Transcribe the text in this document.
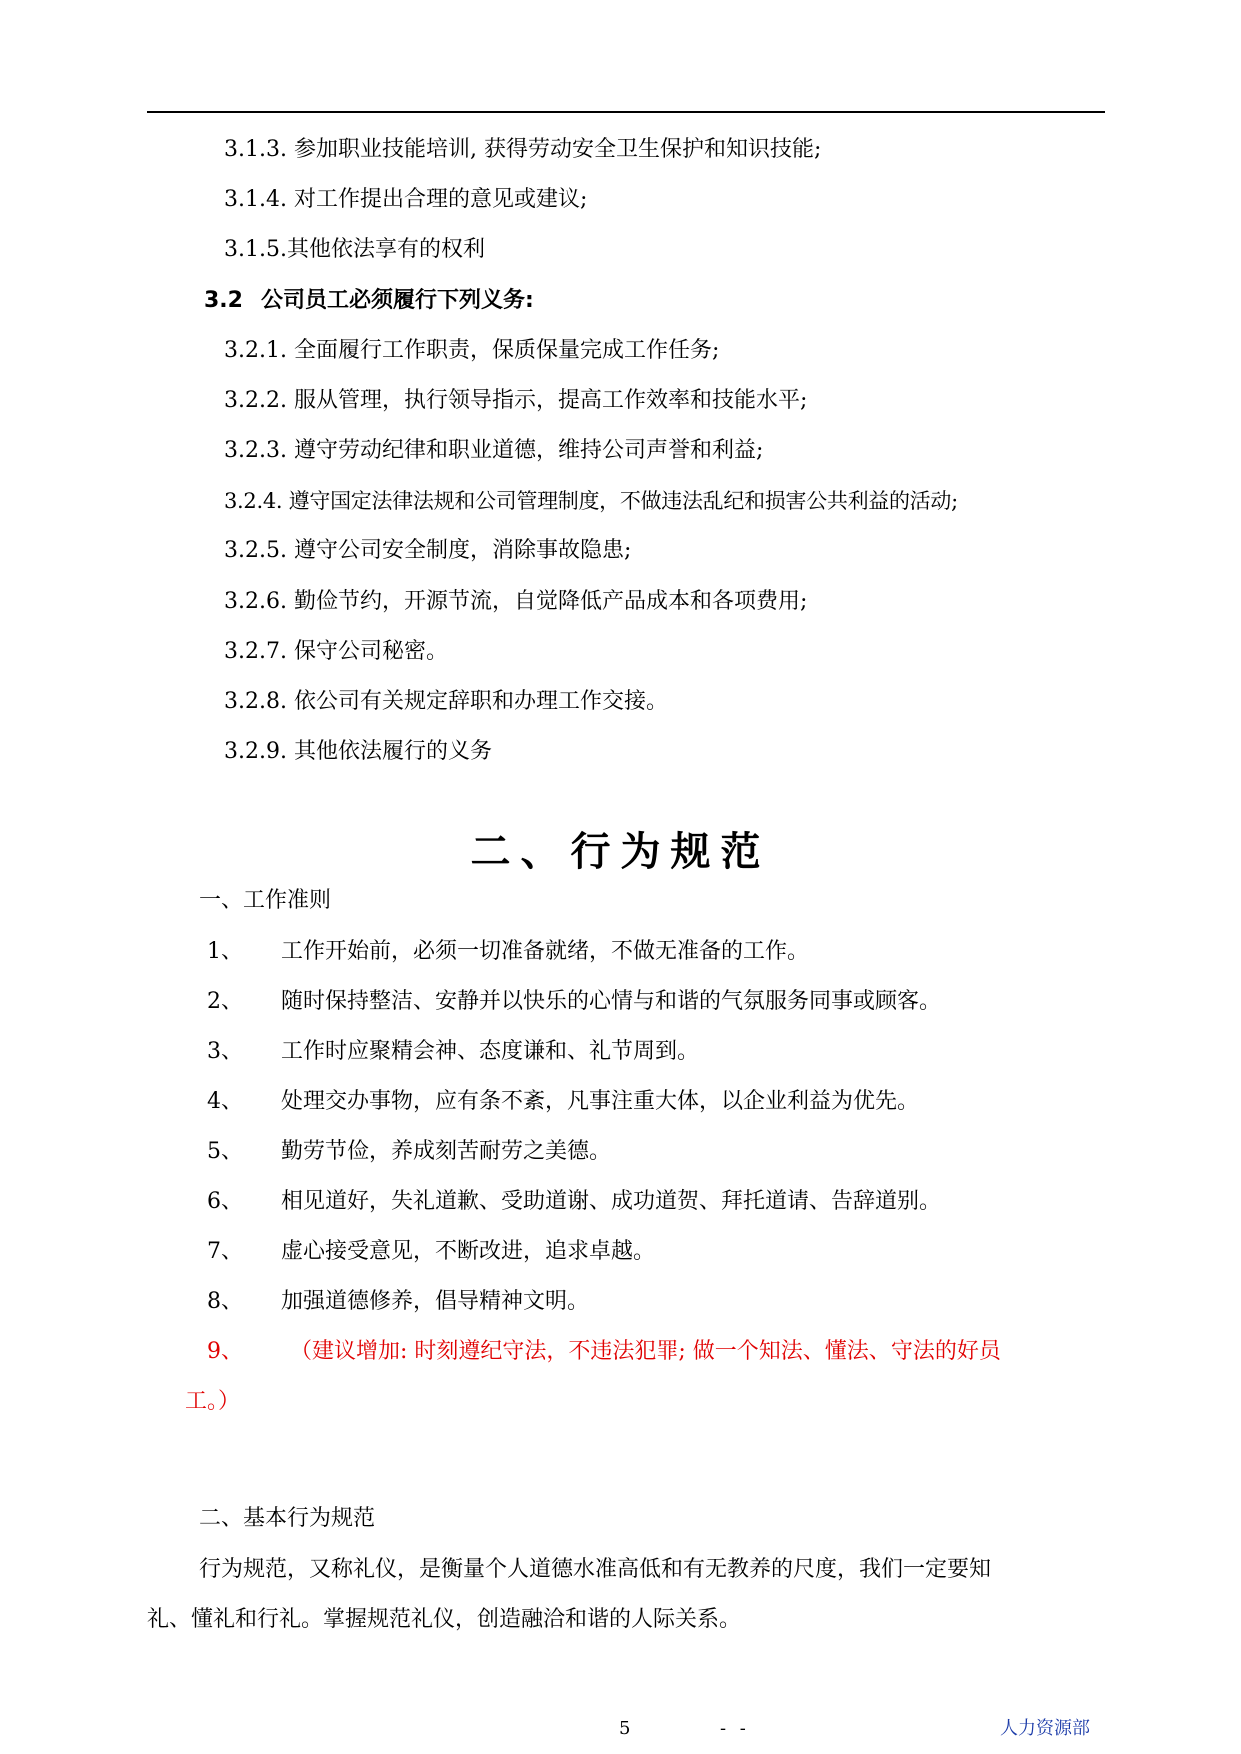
3.1.3. 参加职业技能培训, 获得劳动安全卫生保护和知识技能;
3.1.4. 对工作提出合理的意见或建议;
3.1.5.其他依法享有的权利
3.2 公司员工必须履行下列义务:
3.2.1. 全面履行工作职责，保质保量完成工作任务;
3.2.2. 服从管理，执行领导指示，提高工作效率和技能水平;
3.2.3. 遵守劳动纪律和职业道德，维持公司声誉和利益;
3.2.4. 遵守国定法律法规和公司管理制度，不做违法乱纪和损害公共利益的活动;
3.2.5. 遵守公司安全制度，消除事故隐患;
3.2.6. 勤俭节约，开源节流，自觉降低产品成本和各项费用;
3.2.7. 保守公司秘密。
3.2.8. 依公司有关规定辞职和办理工作交接。
3.2.9. 其他依法履行的义务
二、行为规范
一、工作准则
1、	工作开始前，必须一切准备就绪，不做无准备的工作。
2、	随时保持整洁、安静并以快乐的心情与和谐的气氛服务同事或顾客。
3、	工作时应聚精会神、态度谦和、礼节周到。
4、	处理交办事物，应有条不紊，凡事注重大体，以企业利益为优先。
5、	勤劳节俭，养成刻苦耐劳之美德。
6、	相见道好，失礼道歉、受助道谢、成功道贺、拜托道请、告辞道别。
7、	虚心接受意见，不断改进，追求卓越。
8、	加强道德修养，倡导精神文明。
9、	（建议增加: 时刻遵纪守法，不违法犯罪; 做一个知法、懂法、守法的好员
工。）
二、基本行为规范
行为规范，又称礼仪，是衡量个人道德水准高低和有无教养的尺度，我们一定要知
礼、懂礼和行礼。掌握规范礼仪，创造融洽和谐的人际关系。
5	- -	人力资源部
